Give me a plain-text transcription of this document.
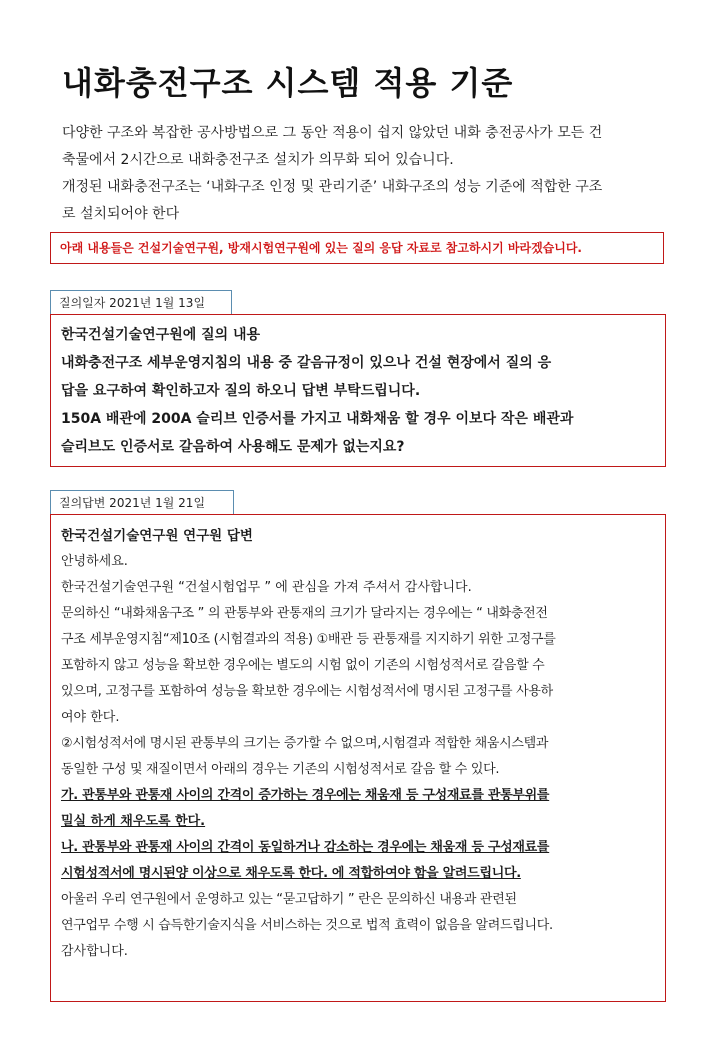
내화충전구조 시스템 적용 기준

다양한 구조와 복잡한 공사방법으로 그 동안 적용이 쉽지 않았던 내화 충전공사가 모든 건

축물에서 2시간으로 내화충전구조 설치가 의무화 되어 있습니다.

개정된 내화충전구조는 ‘내화구조 인정 및 관리기준’ 내화구조의 성능 기준에 적합한 구조

로 설치되어야 한다

아래 내용들은 건설기술연구원, 방재시험연구원에 있는 질의 응답 자료로 참고하시기 바라겠습니다.
질의일자 2021년 1월 13일

한국건설기술연구원에 질의 내용

내화충전구조 세부운영지침의 내용 중 갈음규정이 있으나 건설 현장에서 질의 응

답을 요구하여 확인하고자 질의 하오니 답변 부탁드립니다.

150A 배관에 200A 슬리브 인증서를 가지고 내화채움 할 경우 이보다 작은 배관과

슬리브도 인증서로 갈음하여 사용해도 문제가 없는지요?

질의답변 2021년 1월 21일

한국건설기술연구원 연구원 답변

안녕하세요.

한국건설기술연구원 “건설시험업무 ” 에 관심을 가져 주셔서 감사합니다.

문의하신 “내화채움구조 ” 의 관통부와 관통재의 크기가 달라지는 경우에는 “ 내화충전전

구조 세부운영지침“제10조 (시험결과의 적용) ①배관 등 관통재를 지지하기 위한 고정구를

포함하지 않고 성능을 확보한 경우에는 별도의 시험 없이 기존의 시험성적서로 갈음할 수

있으며, 고정구를 포함하여 성능을 확보한 경우에는 시험성적서에 명시된 고정구를 사용하

여야 한다.

②시험성적서에 명시된 관통부의 크기는 증가할 수 없으며,시험결과 적합한 채움시스템과

동일한 구성 및 재질이면서 아래의 경우는 기존의 시험성적서로 갈음 할 수 있다.

가. 관통부와 관통재 사이의 간격이 증가하는 경우에는 채움재 등 구성재료를 관통부위를

밀실 하게 채우도록 한다.

나. 관통부와 관통재 사이의 간격이 동일하거나 감소하는 경우에는 채움재 등 구성재료를

시험성적서에 명시된양 이상으로 채우도록 한다. 에 적합하여야 함을 알려드립니다.

아울러 우리 연구원에서 운영하고 있는 “묻고답하기 ” 란은 문의하신 내용과 관련된

연구업무 수행 시 습득한기술지식을 서비스하는 것으로 법적 효력이 없음을 알려드립니다.

감사합니다.
